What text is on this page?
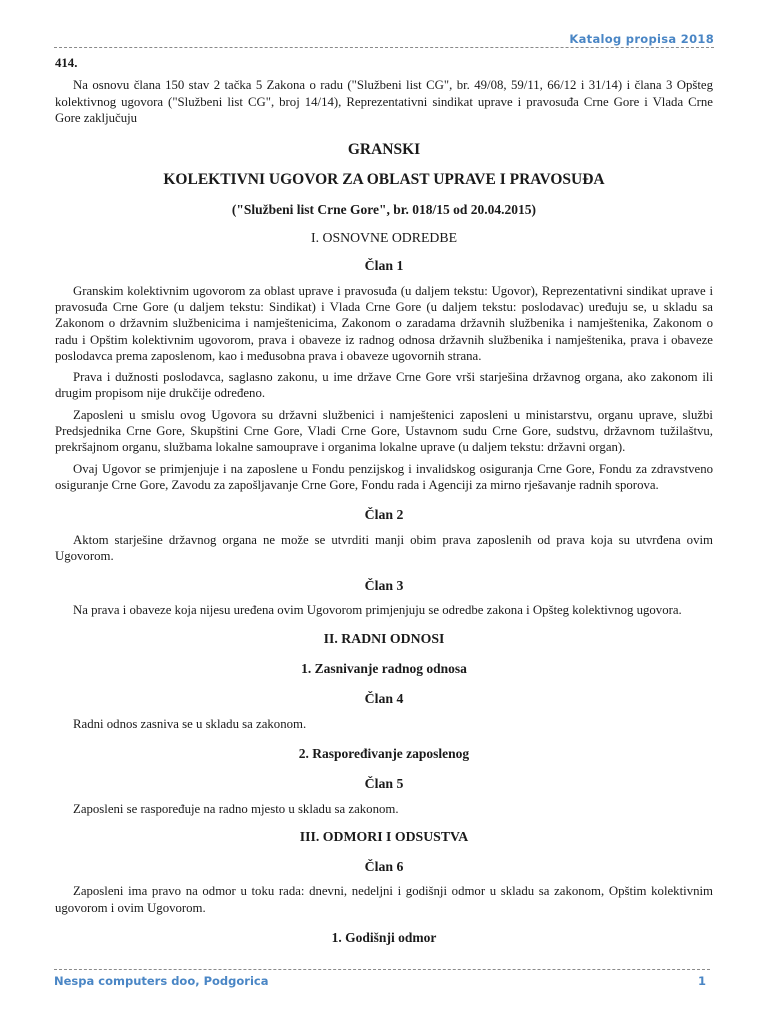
Katalog propisa 2018
414.

Na osnovu člana 150 stav 2 tačka 5 Zakona o radu ("Službeni list CG", br. 49/08, 59/11, 66/12 i 31/14) i člana 3 Opšteg kolektivnog ugovora ("Službeni list CG", broj 14/14), Reprezentativni sindikat uprave i pravosuđa Crne Gore i Vlada Crne Gore zaključuju

GRANSKI
KOLEKTIVNI UGOVOR ZA OBLAST UPRAVE I PRAVOSUĐA
("Službeni list Crne Gore", br. 018/15 od 20.04.2015)
I. OSNOVNE ODREDBE
Član 1

Granskim kolektivnim ugovorom za oblast uprave i pravosuđa (u daljem tekstu: Ugovor), Reprezentativni sindikat uprave i pravosuđa Crne Gore (u daljem tekstu: Sindikat) i Vlada Crne Gore (u daljem tekstu: poslodavac) uređuju se, u skladu sa Zakonom o državnim službenicima i namještenicima, Zakonom o zaradama državnih službenika i namještenika, Zakonom o radu i Opštim kolektivnim ugovorom, prava i obaveze iz radnog odnosa državnih službenika i namještenika, prava i obaveze poslodavca prema zaposlenom, kao i međusobna prava i obaveze ugovornih strana.

Prava i dužnosti poslodavca, saglasno zakonu, u ime države Crne Gore vrši starješina državnog organa, ako zakonom ili drugim propisom nije drukčije određeno.

Zaposleni u smislu ovog Ugovora su državni službenici i namještenici zaposleni u ministarstvu, organu uprave, službi Predsjednika Crne Gore, Skupštini Crne Gore, Vladi Crne Gore, Ustavnom sudu Crne Gore, sudstvu, državnom tužilaštvu, prekršajnom organu, službama lokalne samouprave i organima lokalne uprave (u daljem tekstu: državni organ).

Ovaj Ugovor se primjenjuje i na zaposlene u Fondu penzijskog i invalidskog osiguranja Crne Gore, Fondu za zdravstveno osiguranje Crne Gore, Zavodu za zapošljavanje Crne Gore, Fondu rada i Agenciji za mirno rješavanje radnih sporova.

Član 2

Aktom starješine državnog organa ne može se utvrditi manji obim prava zaposlenih od prava koja su utvrđena ovim Ugovorom.

Član 3

Na prava i obaveze koja nijesu uređena ovim Ugovorom primjenjuju se odredbe zakona i Opšteg kolektivnog ugovora.

II. RADNI ODNOSI
1. Zasnivanje radnog odnosa
Član 4

Radni odnos zasniva se u skladu sa zakonom.

2. Raspoređivanje zaposlenog
Član 5

Zaposleni se raspoređuje na radno mjesto u skladu sa zakonom.

III. ODMORI I ODSUSTVA
Član 6

Zaposleni ima pravo na odmor u toku rada: dnevni, nedeljni i godišnji odmor u skladu sa zakonom, Opštim kolektivnim ugovorom i ovim Ugovorom.

1. Godišnji odmor
Nespa computers doo, Podgorica	1
